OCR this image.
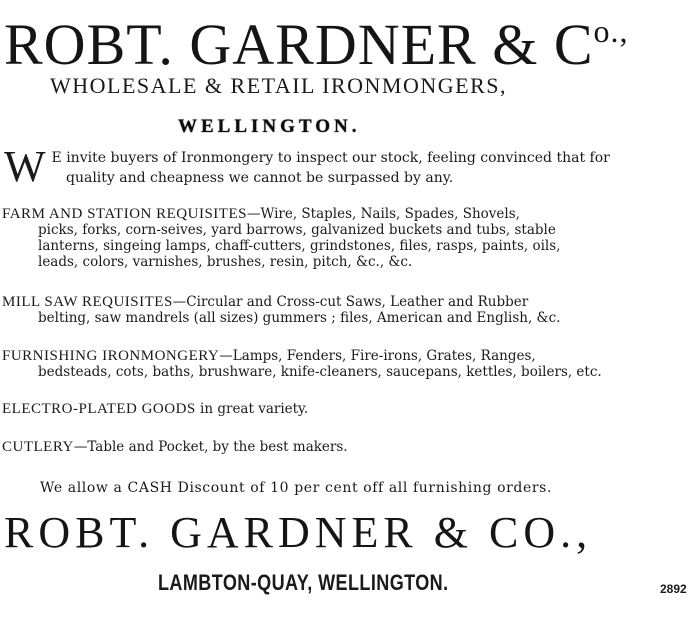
ROBT. GARDNER & $C^{o.,}$
WHOLESALE & RETAIL IRONMONGERS,
WELLINGTON.
W E invite buyers of Ironmongery to inspect our stock, feeling convinced that for

quality and cheapness we cannot be surpassed by any.

FARM AND STATION REQUISITES—Wire, Staples, Nails, Spades, Shovels,
picks, forks, corn-seives, yard barrows, galvanized buckets and tubs, stable
lanterns, singeing lamps, chaff-cutters, grindstones, files, rasps, paints, oils,
leads, colors, varnishes, brushes, resin, pitch, &c., &c.
MILL SAW REQUISITES—Circular and Cross-cut Saws, Leather and Rubber
belting, saw mandrels (all sizes) gummers ; files, American and English, &c.
FURNISHING IRONMONGERY—Lamps, Fenders, Fire-irons, Grates, Ranges,
bedsteads, cots, baths, brushware, knife-cleaners, saucepans, kettles, boilers, etc.
ELECTRO-PLATED GOODS in great variety.
CUTLERY—Table and Pocket, by the best makers.
We allow a CASH Discount of 10 per cent off all furnishing orders.
ROBT. GARDNER & CO.,
LAMBTON-QUAY, WELLINGTON.	2892
